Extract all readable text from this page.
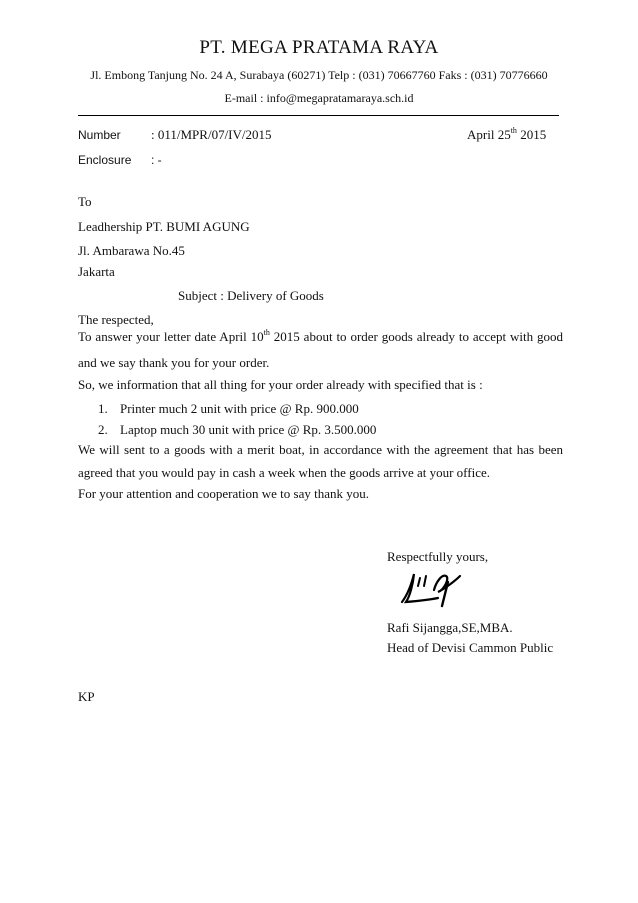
PT. MEGA PRATAMA RAYA
Jl. Embong Tanjung No. 24 A, Surabaya (60271) Telp : (031) 70667760 Faks : (031) 70776660
E-mail : info@megapratamaraya.sch.id
Number : 011/MPR/07/IV/2015	April 25th 2015
Enclosure : -
To
Leadhership PT. BUMI AGUNG
Jl. Ambarawa No.45
Jakarta
Subject : Delivery of Goods
The respected,
To answer your letter date April 10th 2015 about to order goods already to accept with good
and we say thank you for your order.
So, we information that all thing for your order already with specified that is :
1. Printer much 2 unit with price @ Rp. 900.000
2. Laptop much 30 unit with price @ Rp. 3.500.000
We will sent to a goods with a merit boat, in accordance with the agreement that has been
agreed that you would pay in cash a week when the goods arrive at your office.
For your attention and cooperation we to say thank you.
Respectfully yours,
Rafi Sijangga,SE,MBA.
Head of Devisi Cammon Public
KP
